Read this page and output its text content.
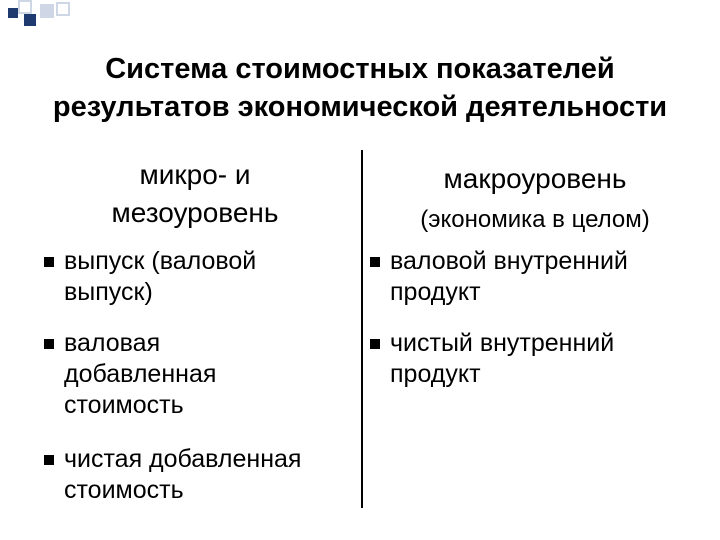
Система стоимостных показателей
результатов экономической деятельности
микро- и
мезоуровень
макроуровень
(экономика в целом)
выпуск (валовой
выпуск)
валовая
добавленная
стоимость
чистая добавленная
стоимость
валовой внутренний
продукт
чистый внутренний
продукт
